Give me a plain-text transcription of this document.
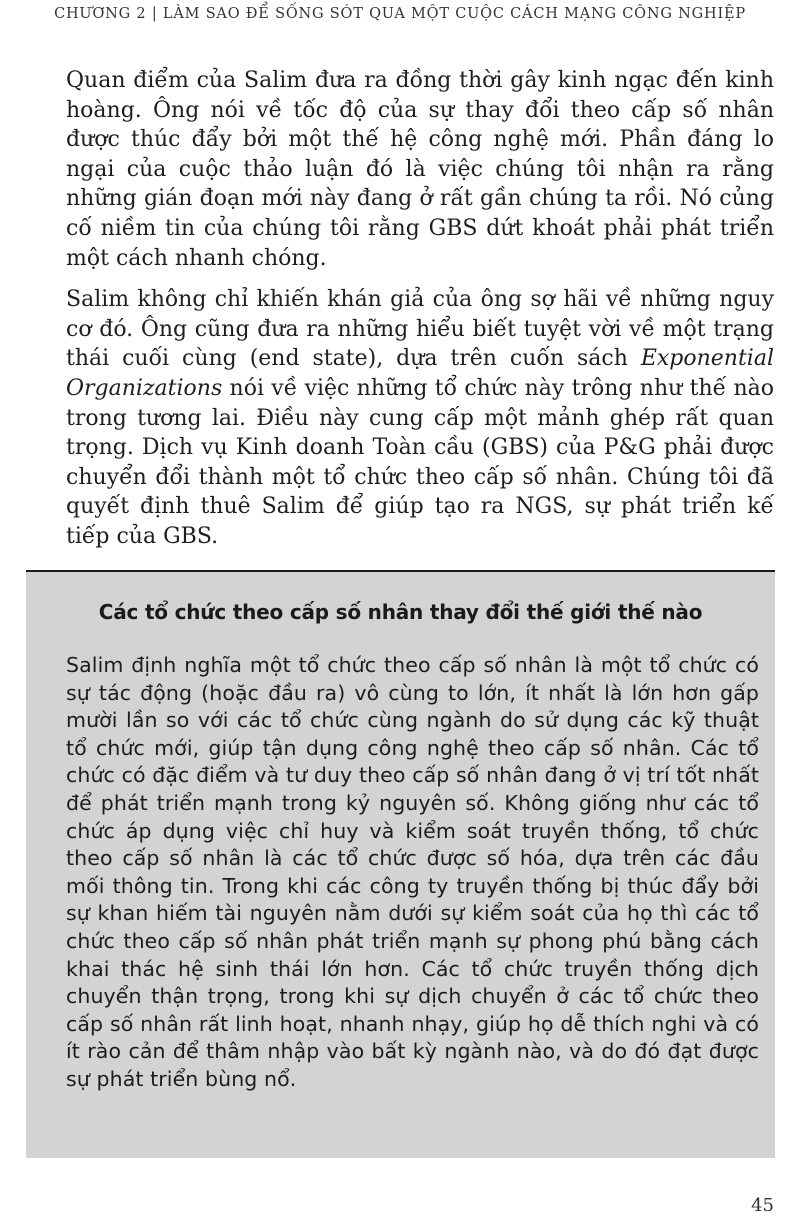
CHƯƠNG 2 | LÀM SAO ĐỂ SỐNG SÓT QUA MỘT CUỘC CÁCH MẠNG CÔNG NGHIỆP

Quan điểm của Salim đưa ra đồng thời gây kinh ngạc đến kinh hoàng. Ông nói về tốc độ của sự thay đổi theo cấp số nhân được thúc đẩy bởi một thế hệ công nghệ mới. Phần đáng lo ngại của cuộc thảo luận đó là việc chúng tôi nhận ra rằng những gián đoạn mới này đang ở rất gần chúng ta rồi. Nó củng cố niềm tin của chúng tôi rằng GBS dứt khoát phải phát triển một cách nhanh chóng.

Salim không chỉ khiến khán giả của ông sợ hãi về những nguy cơ đó. Ông cũng đưa ra những hiểu biết tuyệt vời về một trạng thái cuối cùng (end state), dựa trên cuốn sách Exponential Organizations nói về việc những tổ chức này trông như thế nào trong tương lai. Điều này cung cấp một mảnh ghép rất quan trọng. Dịch vụ Kinh doanh Toàn cầu (GBS) của P&G phải được chuyển đổi thành một tổ chức theo cấp số nhân. Chúng tôi đã quyết định thuê Salim để giúp tạo ra NGS, sự phát triển kế tiếp của GBS.

Các tổ chức theo cấp số nhân thay đổi thế giới thế nào

Salim định nghĩa một tổ chức theo cấp số nhân là một tổ chức có sự tác động (hoặc đầu ra) vô cùng to lớn, ít nhất là lớn hơn gấp mười lần so với các tổ chức cùng ngành do sử dụng các kỹ thuật tổ chức mới, giúp tận dụng công nghệ theo cấp số nhân. Các tổ chức có đặc điểm và tư duy theo cấp số nhân đang ở vị trí tốt nhất để phát triển mạnh trong kỷ nguyên số. Không giống như các tổ chức áp dụng việc chỉ huy và kiểm soát truyền thống, tổ chức theo cấp số nhân là các tổ chức được số hóa, dựa trên các đầu mối thông tin. Trong khi các công ty truyền thống bị thúc đẩy bởi sự khan hiếm tài nguyên nằm dưới sự kiểm soát của họ thì các tổ chức theo cấp số nhân phát triển mạnh sự phong phú bằng cách khai thác hệ sinh thái lớn hơn. Các tổ chức truyền thống dịch chuyển thận trọng, trong khi sự dịch chuyển ở các tổ chức theo cấp số nhân rất linh hoạt, nhanh nhạy, giúp họ dễ thích nghi và có ít rào cản để thâm nhập vào bất kỳ ngành nào, và do đó đạt được sự phát triển bùng nổ.

45
